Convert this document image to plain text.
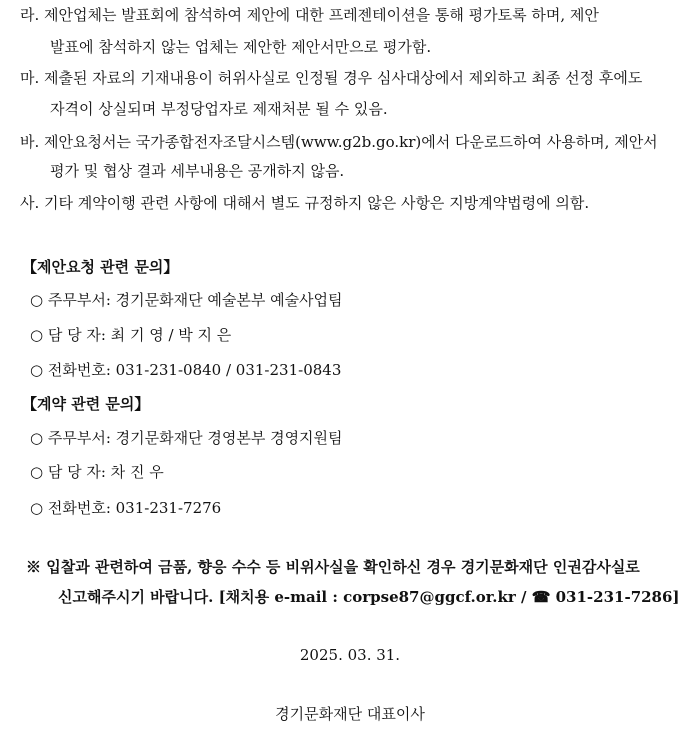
라. 제안업체는 발표회에 참석하여 제안에 대한 프레젠테이션을 통해 평가토록 하며, 제안
발표에 참석하지 않는 업체는 제안한 제안서만으로 평가함.
마. 제출된 자료의 기재내용이 허위사실로 인정될 경우 심사대상에서 제외하고 최종 선정 후에도
자격이 상실되며 부정당업자로 제재처분 될 수 있음.
바. 제안요청서는 국가종합전자조달시스템(www.g2b.go.kr)에서 다운로드하여 사용하며, 제안서
평가 및 협상 결과 세부내용은 공개하지 않음.
사. 기타 계약이행 관련 사항에 대해서 별도 규정하지 않은 사항은 지방계약법령에 의함.
【제안요청 관련 문의】
○ 주무부서: 경기문화재단 예술본부 예술사업팀
○ 담 당 자: 최 기 영 / 박 지 은
○ 전화번호: 031-231-0840 / 031-231-0843
【계약 관련 문의】
○ 주무부서: 경기문화재단 경영본부 경영지원팀
○ 담 당 자: 차 진 우
○ 전화번호: 031-231-7276
※ 입찰과 관련하여 금품, 향응 수수 등 비위사실을 확인하신 경우 경기문화재단 인권감사실로
신고해주시기 바랍니다. [채치용 e-mail : corpse87@ggcf.or.kr / ☎ 031-231-7286]
2025. 03. 31.
경기문화재단 대표이사
